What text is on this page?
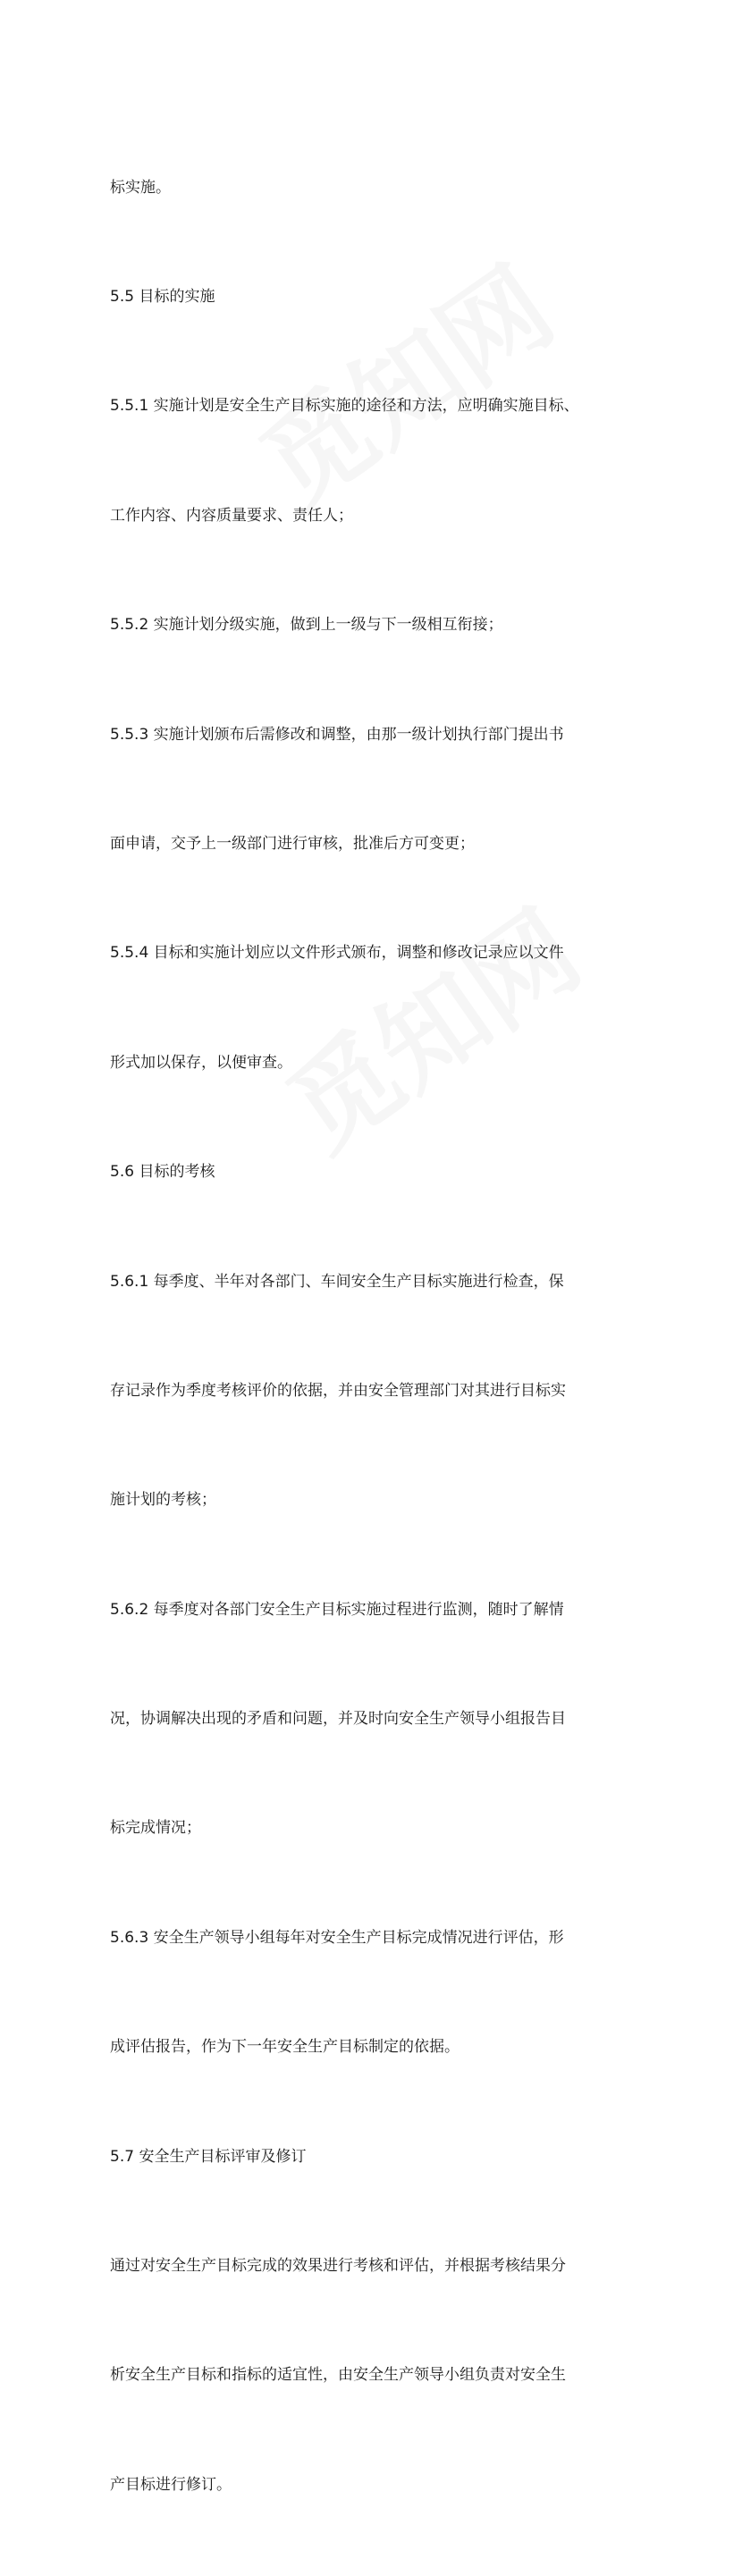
标实施。

5.5 目标的实施

5.5.1 实施计划是安全生产目标实施的途径和方法，应明确实施目标、

工作内容、内容质量要求、责任人；

5.5.2 实施计划分级实施，做到上一级与下一级相互衔接；

5.5.3 实施计划颁布后需修改和调整，由那一级计划执行部门提出书

面申请，交予上一级部门进行审核，批准后方可变更；

5.5.4 目标和实施计划应以文件形式颁布，调整和修改记录应以文件

形式加以保存，以便审查。

5.6 目标的考核

5.6.1 每季度、半年对各部门、车间安全生产目标实施进行检查，保

存记录作为季度考核评价的依据，并由安全管理部门对其进行目标实

施计划的考核；

5.6.2 每季度对各部门安全生产目标实施过程进行监测，随时了解情

况，协调解决出现的矛盾和问题，并及时向安全生产领导小组报告目

标完成情况；

5.6.3 安全生产领导小组每年对安全生产目标完成情况进行评估，形

成评估报告，作为下一年安全生产目标制定的依据。

5.7 安全生产目标评审及修订

通过对安全生产目标完成的效果进行考核和评估，并根据考核结果分

析安全生产目标和指标的适宜性，由安全生产领导小组负责对安全生

产目标进行修订。
